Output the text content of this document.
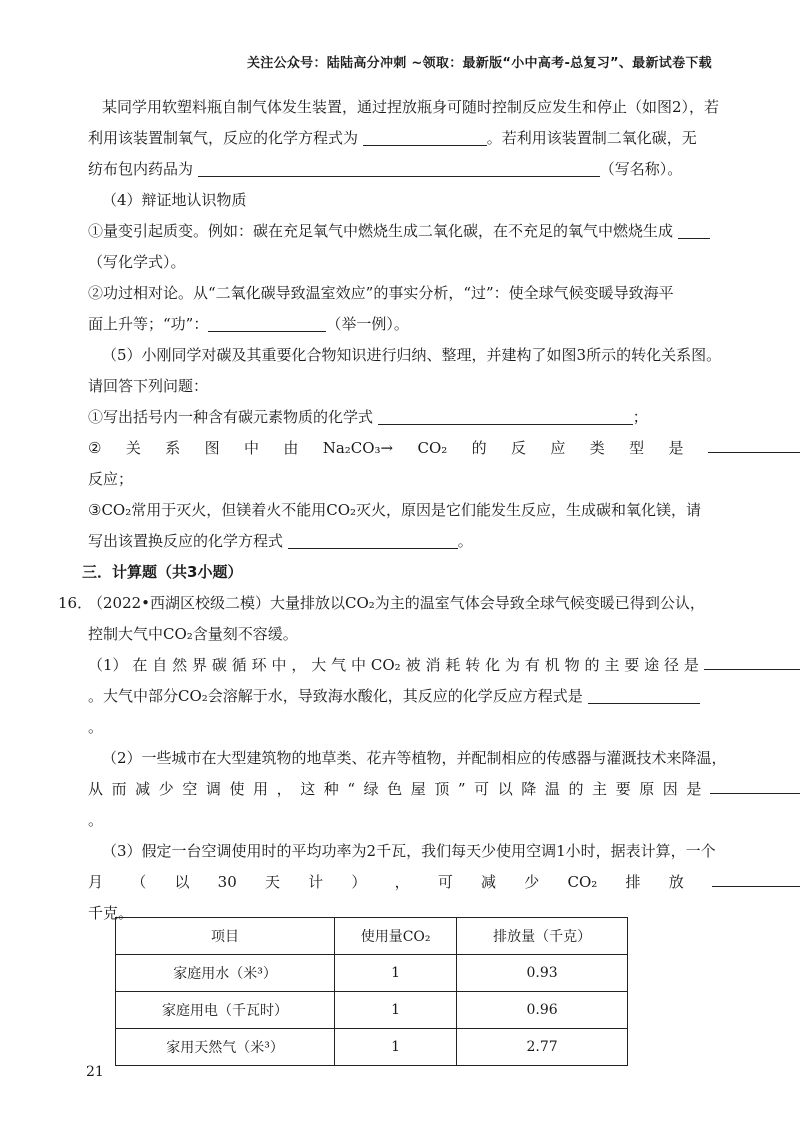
关注公众号：陆陆高分冲刺 ~领取：最新版“小中高考-总复习”、最新试卷下载
某同学用软塑料瓶自制气体发生装置，通过捏放瓶身可随时控制反应发生和停止（如图2），若
利用该装置制氧气，反应的化学方程式为	。若利用该装置制二氧化碳，无
纺布包内药品为	（写名称）。
（4）辩证地认识物质
①量变引起质变。例如：碳在充足氧气中燃烧生成二氧化碳，在不充足的氧气中燃烧生成
（写化学式）。
②功过相对论。从“二氧化碳导致温室效应”的事实分析，“过”：使全球气候变暖导致海平
面上升等；“功”：	（举一例）。
（5）小刚同学对碳及其重要化合物知识进行归纳、整理，并建构了如图3所示的转化关系图。
请回答下列问题：
①写出括号内一种含有碳元素物质的化学式	；
② 关 系 图 中 由 Na₂CO₃→ CO₂ 的 反 应 类 型 是
反应；
③CO₂常用于灭火，但镁着火不能用CO₂灭火，原因是它们能发生反应，生成碳和氧化镁，请
写出该置换反应的化学方程式	。
三．计算题（共3小题）
16．（2022•西湖区校级二模）大量排放以CO₂为主的温室气体会导致全球气候变暖已得到公认，
控制大气中CO₂含量刻不容缓。
（1） 在 自 然 界 碳 循 环 中 ， 大 气 中 CO₂ 被 消 耗 转 化 为 有 机 物 的 主 要 途 径 是
。大气中部分CO₂会溶解于水，导致海水酸化，其反应的化学反应方程式是
。
（2）一些城市在大型建筑物的地草类、花卉等植物，并配制相应的传感器与灌溉技术来降温，
从 而 减 少 空 调 使 用 ， 这 种 “ 绿 色 屋 顶 ” 可 以 降 温 的 主 要 原 因 是
。
（3）假定一台空调使用时的平均功率为2千瓦，我们每天少使用空调1小时，据表计算，一个
月 （ 以 30 天 计 ） ， 可 减 少 CO₂ 排 放
千克。
项目	使用量CO₂	排放量（千克）
家庭用水（米³）	1	0.93
家庭用电（千瓦时）	1	0.96
家用天然气（米³）	1	2.77
21
